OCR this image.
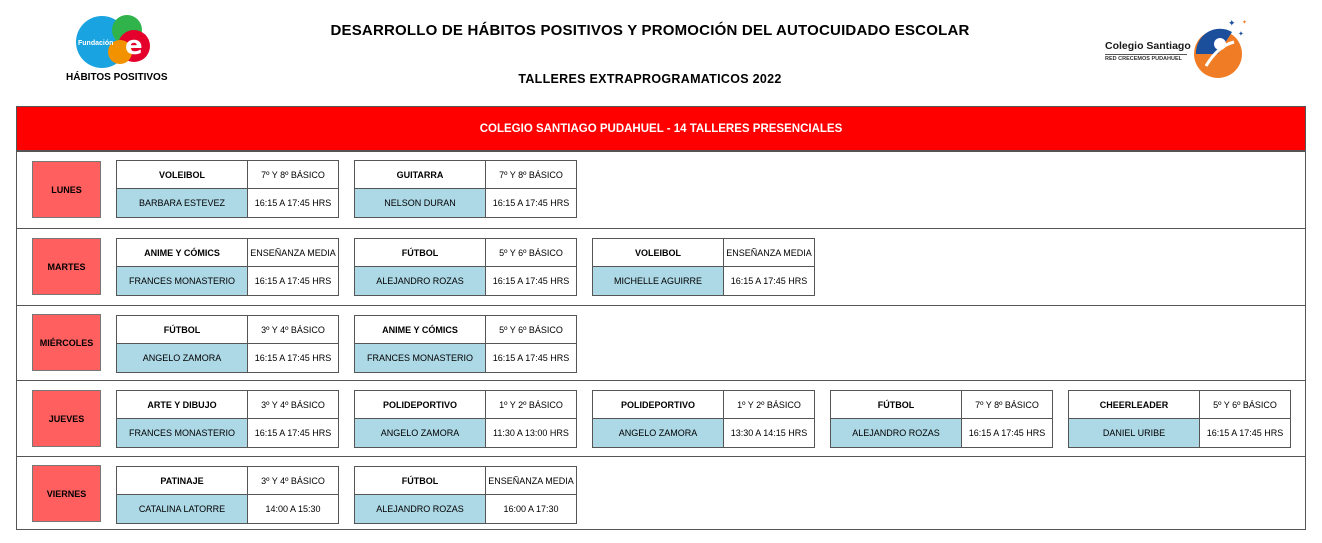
e
Fundación
HÁBITOS POSITIVOS
DESARROLLO DE HÁBITOS POSITIVOS Y PROMOCIÓN DEL AUTOCUIDADO ESCOLAR
TALLERES EXTRAPROGRAMATICOS 2022
Colegio Santiago
RED CRECEMOS PUDAHUEL
✦
✦
✦
COLEGIO SANTIAGO PUDAHUEL - 14 TALLERES PRESENCIALES
LUNES
VOLEIBOL	7º Y 8º BÁSICO
BARBARA ESTEVEZ	16:15 A 17:45 HRS
GUITARRA	7º Y 8º BÁSICO
NELSON DURAN	16:15 A 17:45 HRS
MARTES
ANIME Y CÓMICS	ENSEÑANZA MEDIA
FRANCES MONASTERIO	16:15 A 17:45 HRS
FÚTBOL	5º Y 6º BÁSICO
ALEJANDRO ROZAS	16:15 A 17:45 HRS
VOLEIBOL	ENSEÑANZA MEDIA
MICHELLE AGUIRRE	16:15 A 17:45 HRS
MIÉRCOLES
FÚTBOL	3º Y 4º BÁSICO
ANGELO ZAMORA	16:15 A 17:45 HRS
ANIME Y CÓMICS	5º Y 6º BÁSICO
FRANCES MONASTERIO	16:15 A 17:45 HRS
JUEVES
ARTE Y DIBUJO	3º Y 4º BÁSICO
FRANCES MONASTERIO	16:15 A 17:45 HRS
POLIDEPORTIVO	1º Y 2º BÁSICO
ANGELO ZAMORA	11:30 A 13:00 HRS
POLIDEPORTIVO	1º Y 2º BÁSICO
ANGELO ZAMORA	13:30 A 14:15 HRS
FÚTBOL	7º Y 8º BÁSICO
ALEJANDRO ROZAS	16:15 A 17:45 HRS
CHEERLEADER	5º Y 6º BÁSICO
DANIEL URIBE	16:15 A 17:45 HRS
VIERNES
PATINAJE	3º Y 4º BÁSICO
CATALINA LATORRE	14:00 A 15:30
FÚTBOL	ENSEÑANZA MEDIA
ALEJANDRO ROZAS	16:00 A 17:30
